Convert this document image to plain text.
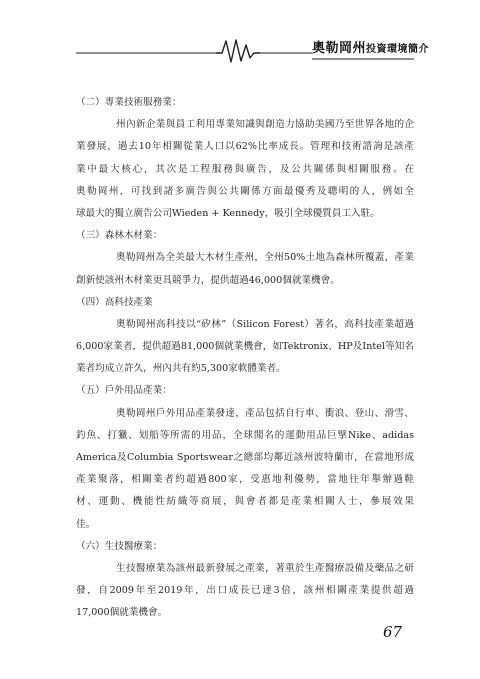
奧勒岡州投資環境簡介
（二）專業技術服務業：
州內新企業與員工利用專業知識與創造力協助美國乃至世界各地的企
業發展，過去10年相關從業人口以62%比率成長。管理和技術諮詢是該產
業中最大核心，其次是工程服務與廣告，及公共關係與相關服務。在
奧勒岡州，可找到諸多廣告與公共關係方面最優秀及聰明的人，例如全
球最大的獨立廣告公司Wieden + Kennedy，吸引全球優質員工入駐。
（三）森林木材業：
奧勒岡州為全美最大木材生產州，全州50%土地為森林所覆蓋，產業
創新使該州木材業更具競爭力，提供超過46,000個就業機會。
（四）高科技產業
奧勒岡州高科技以“矽林”（Silicon Forest）著名，高科技產業超過
6,000家業者，提供超過81,000個就業機會，如Tektronix、HP及Intel等知名
業者均成立許久，州內共有約5,300家軟體業者。
（五）戶外用品產業：
奧勒岡州戶外用品產業發達，產品包括自行車、衝浪、登山、滑雪、
釣魚、打獵、划船等所需的用品，全球聞名的運動用品巨擘Nike、adidas
America及Columbia Sportswear之總部均鄰近該州波特蘭市，在當地形成
產業聚落，相關業者約超過800家，受惠地利優勢，當地往年舉辦過鞋
材、運動、機能性紡織等商展，與會者都是產業相關人士，參展效果
佳。
（六）生技醫療業：
生技醫療業為該州最新發展之產業，著重於生產醫療設備及藥品之研
發，自2009年至2019年，出口成長已達3倍，該州相關產業提供超過
17,000個就業機會。
67
